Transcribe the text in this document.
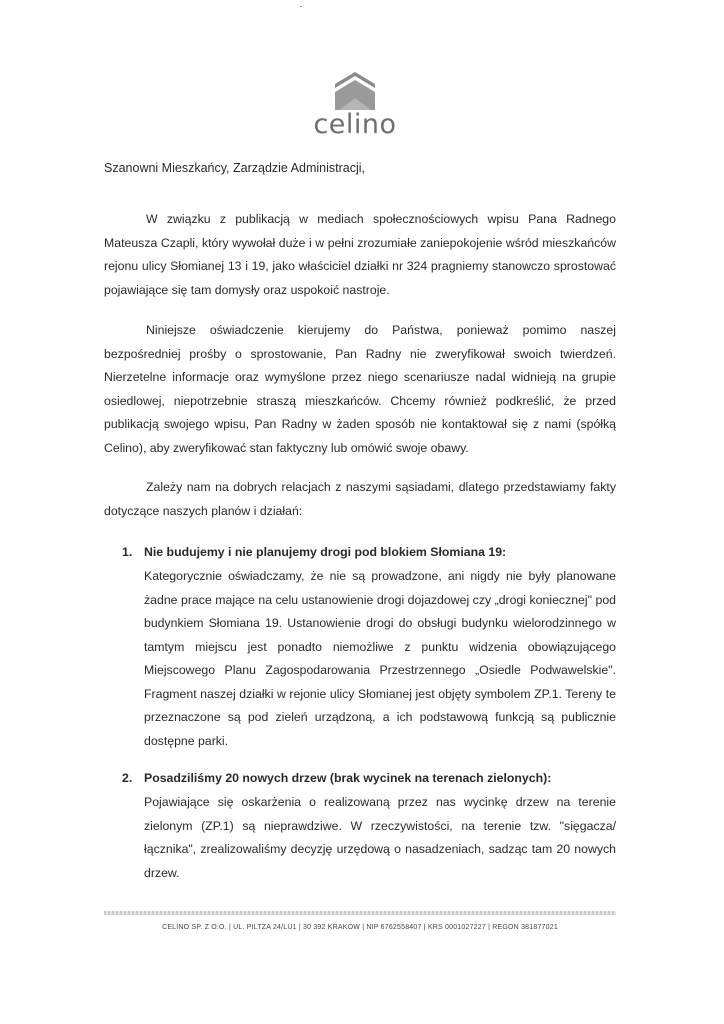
celino
Szanowni Mieszkańcy, Zarządzie Administracji,

W związku z publikacją w mediach społecznościowych wpisu Pana Radnego Mateusza Czapli, który wywołał duże i w pełni zrozumiałe zaniepokojenie wśród mieszkańców rejonu ulicy Słomianej 13 i 19, jako właściciel działki nr 324 pragniemy stanowczo sprostować pojawiające się tam domysły oraz uspokoić nastroje.

Niniejsze oświadczenie kierujemy do Państwa, ponieważ pomimo naszej bezpośredniej prośby o sprostowanie, Pan Radny nie zweryfikował swoich twierdzeń. Nierzetelne informacje oraz wymyślone przez niego scenariusze nadal widnieją na grupie osiedlowej, niepotrzebnie straszą mieszkańców. Chcemy również podkreślić, że przed publikacją swojego wpisu, Pan Radny w żaden sposób nie kontaktował się z nami (spółką Celino), aby zweryfikować stan faktyczny lub omówić swoje obawy.

Zależy nam na dobrych relacjach z naszymi sąsiadami, dlatego przedstawiamy fakty dotyczące naszych planów i działań:

1. Nie budujemy i nie planujemy drogi pod blokiem Słomiana 19:

Kategorycznie oświadczamy, że nie są prowadzone, ani nigdy nie były planowane żadne prace mające na celu ustanowienie drogi dojazdowej czy „drogi koniecznej" pod budynkiem Słomiana 19. Ustanowienie drogi do obsługi budynku wielorodzinnego w tamtym miejscu jest ponadto niemożliwe z punktu widzenia obowiązującego Miejscowego Planu Zagospodarowania Przestrzennego „Osiedle Podwawelskie". Fragment naszej działki w rejonie ulicy Słomianej jest objęty symbolem ZP.1. Tereny te przeznaczone są pod zieleń urządzoną, a ich podstawową funkcją są publicznie dostępne parki.

2. Posadziliśmy 20 nowych drzew (brak wycinek na terenach zielonych):

Pojawiające się oskarżenia o realizowaną przez nas wycinkę drzew na terenie zielonym (ZP.1) są nieprawdziwe. W rzeczywistości, na terenie tzw. "sięgacza/łącznika", zrealizowaliśmy decyzję urzędową o nasadzeniach, sadząc tam 20 nowych drzew.

CELINO SP. Z O.O. | UL. PILTZA 24/LU1 | 30 392 KRAKÓW | NIP 6762558407 | KRS 0001027227 | REGON 381877021
